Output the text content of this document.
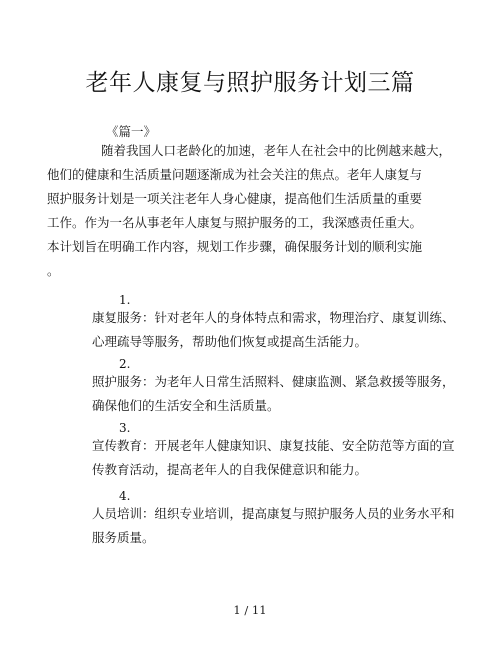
老年人康复与照护服务计划三篇
《篇一》
随着我国人口老龄化的加速，老年人在社会中的比例越来越大，
他们的健康和生活质量问题逐渐成为社会关注的焦点。老年人康复与
照护服务计划是一项关注老年人身心健康，提高他们生活质量的重要
工作。作为一名从事老年人康复与照护服务的工，我深感责任重大。
本计划旨在明确工作内容，规划工作步骤，确保服务计划的顺利实施
。
1.
康复服务：针对老年人的身体特点和需求，物理治疗、康复训练、
心理疏导等服务，帮助他们恢复或提高生活能力。
2.
照护服务：为老年人日常生活照料、健康监测、紧急救援等服务，
确保他们的生活安全和生活质量。
3.
宣传教育：开展老年人健康知识、康复技能、安全防范等方面的宣
传教育活动，提高老年人的自我保健意识和能力。
4.
人员培训：组织专业培训，提高康复与照护服务人员的业务水平和
服务质量。
1 / 11
